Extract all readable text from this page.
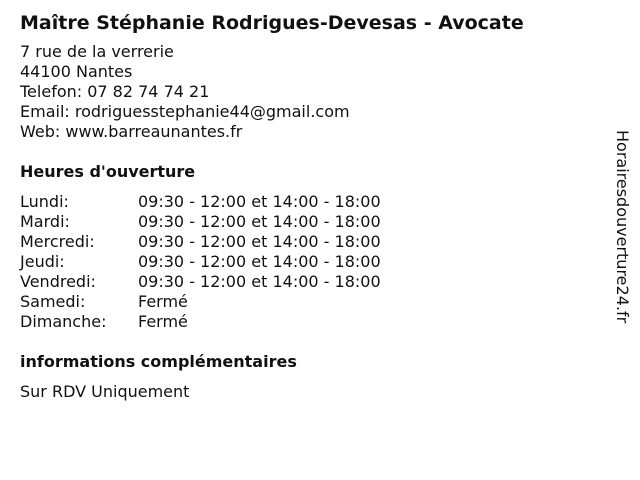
Maître Stéphanie Rodrigues-Devesas - Avocate
7 rue de la verrerie
44100 Nantes
Telefon: 07 82 74 74 21
Email: rodriguesstephanie44@gmail.com
Web: www.barreaunantes.fr
Heures d'ouverture
Lundi:	09:30 - 12:00 et 14:00 - 18:00
Mardi:	09:30 - 12:00 et 14:00 - 18:00
Mercredi:	09:30 - 12:00 et 14:00 - 18:00
Jeudi:	09:30 - 12:00 et 14:00 - 18:00
Vendredi:	09:30 - 12:00 et 14:00 - 18:00
Samedi:	Fermé
Dimanche:	Fermé
informations complémentaires
Sur RDV Uniquement
Horairesdouverture24.fr
